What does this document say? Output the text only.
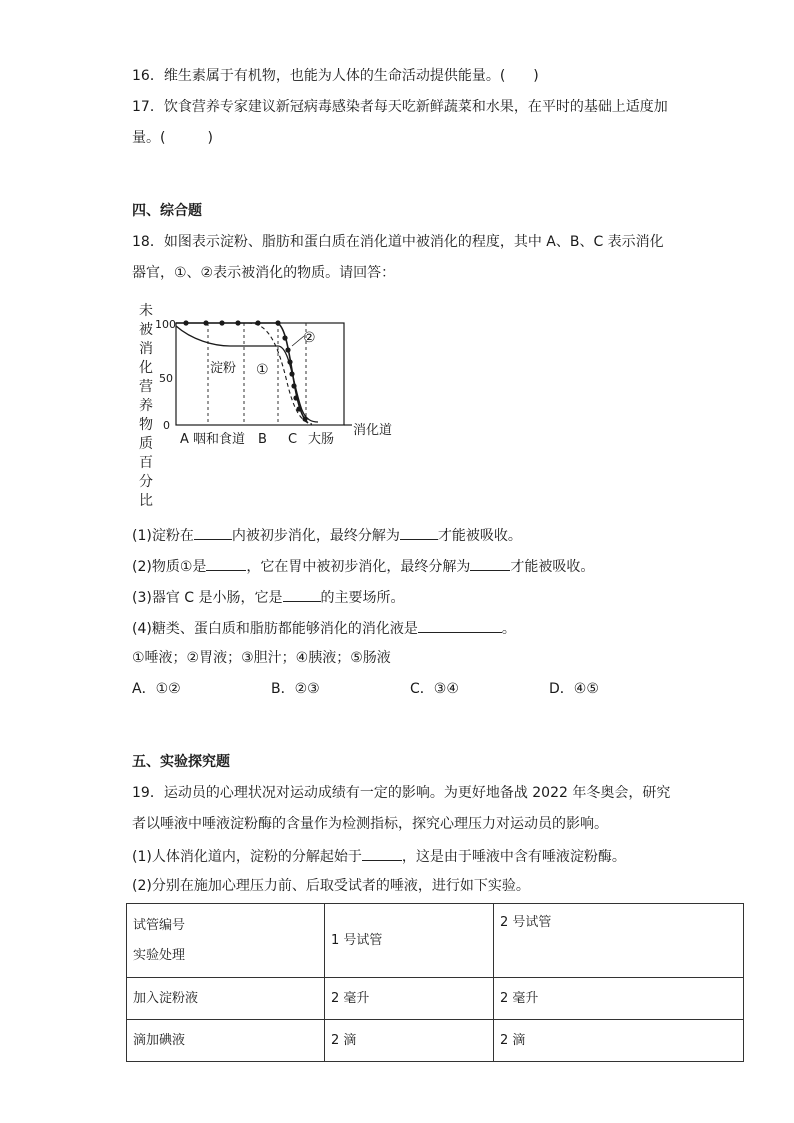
16．维生素属于有机物，也能为人体的生命活动提供能量。(　　)
17．饮食营养专家建议新冠病毒感染者每天吃新鲜蔬菜和水果，在平时的基础上适度加
量。(　　　)
四、综合题
18．如图表示淀粉、脂肪和蛋白质在消化道中被消化的程度，其中 A、B、C 表示消化
器官，①、②表示被消化的物质。请回答：
未
被
消
化
营
养
物
质
百
分
比
100
50
0
淀粉 ①
②
A 咽和食道 B C 大肠
消化道
(1)淀粉在	内被初步消化，最终分解为	才能被吸收。
(2)物质①是	，它在胃中被初步消化，最终分解为	才能被吸收。
(3)器官 C 是小肠，它是	的主要场所。
(4)糖类、蛋白质和脂肪都能够消化的消化液是	。
①唾液；②胃液；③胆汁；④胰液；⑤肠液
A．①②	B．②③	C．③④	D．④⑤
五、实验探究题
19．运动员的心理状况对运动成绩有一定的影响。为更好地备战 2022 年冬奥会，研究
者以唾液中唾液淀粉酶的含量作为检测指标，探究心理压力对运动员的影响。
(1)人体消化道内，淀粉的分解起始于	，这是由于唾液中含有唾液淀粉酶。
(2)分别在施加心理压力前、后取受试者的唾液，进行如下实验。
试管编号
实验处理	1 号试管	2 号试管
加入淀粉液	2 毫升	2 毫升
滴加碘液	2 滴	2 滴
